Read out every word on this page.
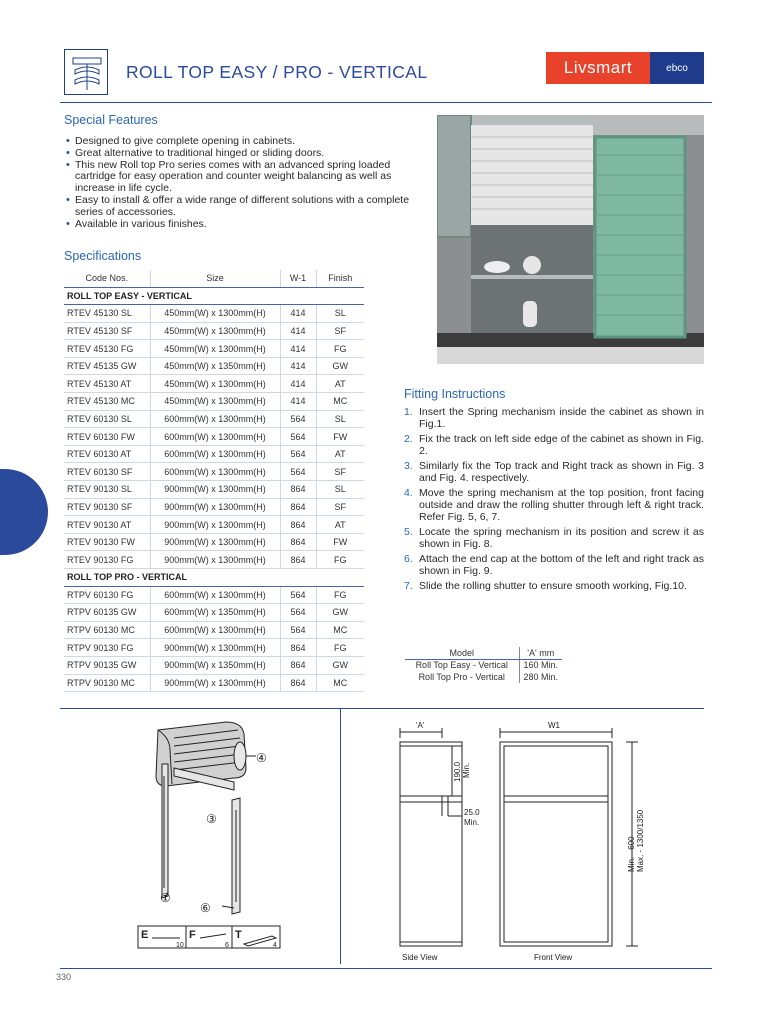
ROLL TOP EASY / PRO - VERTICAL	Livsmart	ebco
Special Features
• Designed to give complete opening in cabinets.
• Great alternative to traditional hinged or sliding doors.
• This new Roll top Pro series comes with an advanced spring loaded cartridge for easy operation and counter weight balancing as well as increase in life cycle.
• Easy to install & offer a wide range of different solutions with a complete series of accessories.
• Available in various finishes.
Specifications
Code Nos.	Size	W-1	Finish
ROLL TOP EASY - VERTICAL			
RTEV 45130 SL	450mm(W) x 1300mm(H)	414	SL
RTEV 45130 SF	450mm(W) x 1300mm(H)	414	SF
RTEV 45130 FG	450mm(W) x 1300mm(H)	414	FG
RTEV 45135 GW	450mm(W) x 1350mm(H)	414	GW
RTEV 45130 AT	450mm(W) x 1300mm(H)	414	AT
RTEV 45130 MC	450mm(W) x 1300mm(H)	414	MC
RTEV 60130 SL	600mm(W) x 1300mm(H)	564	SL
RTEV 60130 FW	600mm(W) x 1300mm(H)	564	FW
RTEV 60130 AT	600mm(W) x 1300mm(H)	564	AT
RTEV 60130 SF	600mm(W) x 1300mm(H)	564	SF
RTEV 90130 SL	900mm(W) x 1300mm(H)	864	SL
RTEV 90130 SF	900mm(W) x 1300mm(H)	864	SF
RTEV 90130 AT	900mm(W) x 1300mm(H)	864	AT
RTEV 90130 FW	900mm(W) x 1300mm(H)	864	FW
RTEV 90130 FG	900mm(W) x 1300mm(H)	864	FG
ROLL TOP PRO - VERTICAL			
RTPV 60130 FG	600mm(W) x 1300mm(H)	564	FG
RTPV 60135 GW	600mm(W) x 1350mm(H)	564	GW
RTPV 60130 MC	600mm(W) x 1300mm(H)	564	MC
RTPV 90130 FG	900mm(W) x 1300mm(H)	864	FG
RTPV 90135 GW	900mm(W) x 1350mm(H)	864	GW
RTPV 90130 MC	900mm(W) x 1300mm(H)	864	MC
Fitting Instructions
1. Insert the Spring mechanism inside the cabinet as shown in Fig.1.
2. Fix the track on left side edge of the cabinet as shown in Fig. 2.
3. Similarly fix the Top track and Right track as shown in Fig. 3 and Fig. 4. respectively.
4. Move the spring mechanism at the top position, front facing outside and draw the rolling shutter through left & right track. Refer Fig. 5, 6, 7.
5. Locate the spring mechanism in its position and screw it as shown in Fig. 8.
6. Attach the end cap at the bottom of the left and right track as shown in Fig. 9.
7. Slide the rolling shutter to ensure smooth working, Fig.10.
Model	'A' mm
Roll Top Easy - Vertical	160 Min.
Roll Top Pro - Vertical	280 Min.
④
③
①
⑥
E
10
F
6
T
4
'A'	W1
190.0 Min.
25.0
Min.
Min. - 600 Max. - 1300/1350
Side View	Front View
330
